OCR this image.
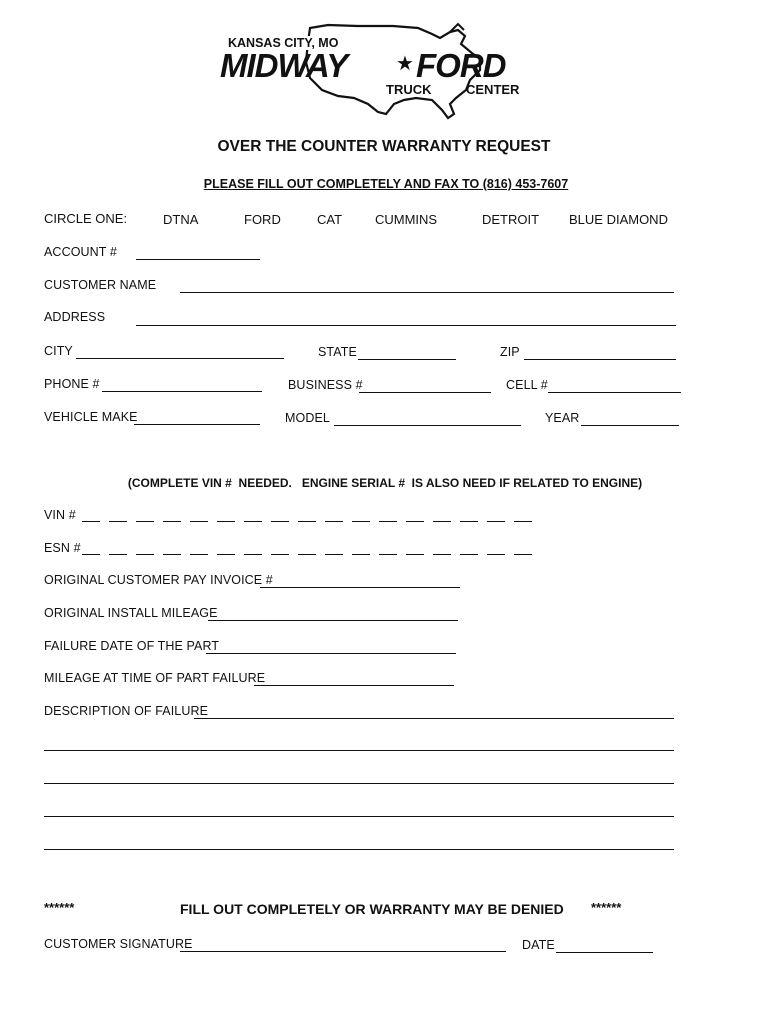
KANSAS CITY, MO
MIDWAY ★ FORD
TRUCK	CENTER
OVER THE COUNTER WARRANTY REQUEST
PLEASE FILL OUT COMPLETELY AND FAX TO (816) 453-7607
CIRCLE ONE:	DTNA	FORD	CAT	CUMMINS	DETROIT BLUE DIAMOND
ACCOUNT #
CUSTOMER NAME
ADDRESS
CITY	STATE	ZIP
PHONE #	BUSINESS #	CELL #
VEHICLE MAKE	MODEL	YEAR
(COMPLETE VIN #  NEEDED.   ENGINE SERIAL #  IS ALSO NEED IF RELATED TO ENGINE)
VIN #
ESN #
ORIGINAL CUSTOMER PAY INVOICE #
ORIGINAL INSTALL MILEAGE
FAILURE DATE OF THE PART
MILEAGE AT TIME OF PART FAILURE
DESCRIPTION OF FAILURE
******	FILL OUT COMPLETELY OR WARRANTY MAY BE DENIED ******
CUSTOMER SIGNATURE	DATE
